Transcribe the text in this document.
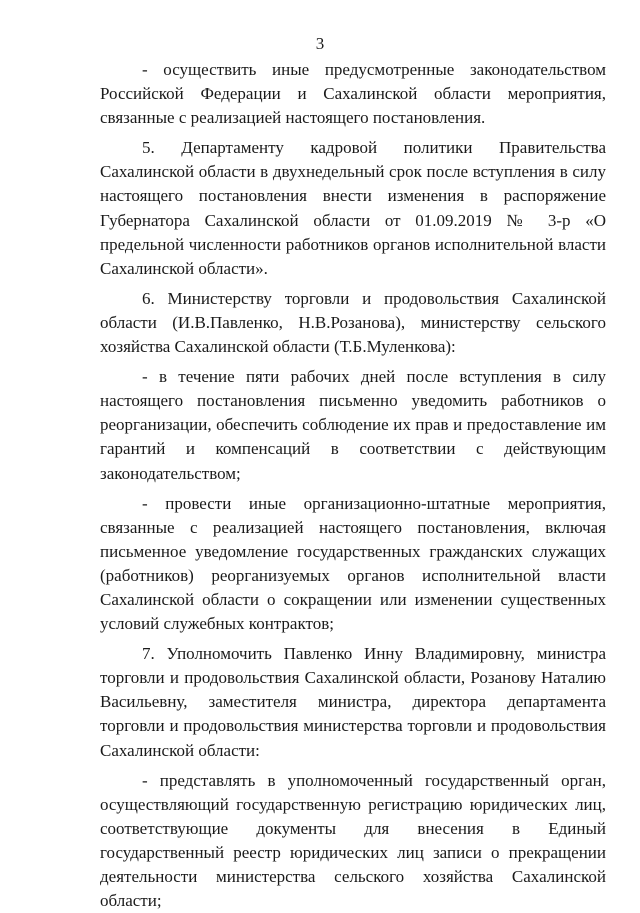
3

- осуществить иные предусмотренные законодательством Российской Федерации и Сахалинской области мероприятия, связанные с реализацией настоящего постановления.

5. Департаменту кадровой политики Правительства Сахалинской области в двухнедельный срок после вступления в силу настоящего постановления внести изменения в распоряжение Губернатора Сахалинской области от 01.09.2019 № 3-р «О предельной численности работников органов исполнительной власти Сахалинской области».

6. Министерству торговли и продовольствия Сахалинской области (И.В.Павленко, Н.В.Розанова), министерству сельского хозяйства Сахалинской области (Т.Б.Муленкова):

- в течение пяти рабочих дней после вступления в силу настоящего постановления письменно уведомить работников о реорганизации, обеспечить соблюдение их прав и предоставление им гарантий и компенсаций в соответствии с действующим законодательством;

- провести иные организационно-штатные мероприятия, связанные с реализацией настоящего постановления, включая письменное уведомление государственных гражданских служащих (работников) реорганизуемых органов исполнительной власти Сахалинской области о сокращении или изменении существенных условий служебных контрактов;

7. Уполномочить Павленко Инну Владимировну, министра торговли и продовольствия Сахалинской области, Розанову Наталию Васильевну, заместителя министра, директора департамента торговли и продовольствия министерства торговли и продовольствия Сахалинской области:

- представлять в уполномоченный государственный орган, осуществляющий государственную регистрацию юридических лиц, соответствующие документы для внесения в Единый государственный реестр юридических лиц записи о прекращении деятельности министерства сельского хозяйства Сахалинской области;
